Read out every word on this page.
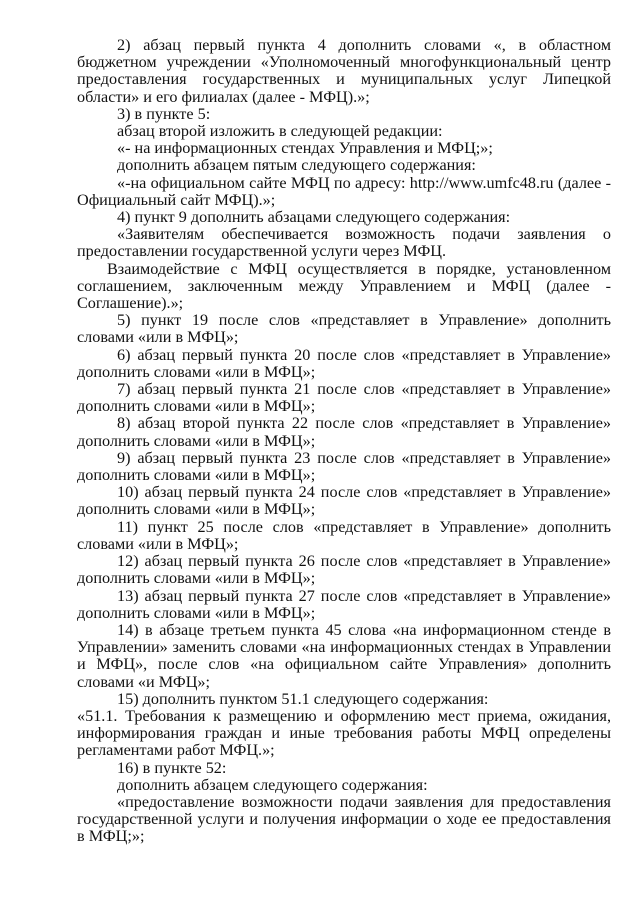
2) абзац первый пункта 4 дополнить словами «, в областном бюджетном учреждении «Уполномоченный многофункциональный центр предоставления государственных и муниципальных услуг Липецкой области» и его филиалах (далее - МФЦ).»;

3) в пункте 5:

абзац второй изложить в следующей редакции:

«- на информационных стендах Управления и МФЦ;»;

дополнить абзацем пятым следующего содержания:

«-на официальном сайте МФЦ по адресу: http://www.umfc48.ru (далее - Официальный сайт МФЦ).»;

4) пункт 9 дополнить абзацами следующего содержания:

«Заявителям обеспечивается возможность подачи заявления о предоставлении государственной услуги через МФЦ.

Взаимодействие с МФЦ осуществляется в порядке, установленном соглашением, заключенным между Управлением и МФЦ (далее - Соглашение).»;

5) пункт 19 после слов «представляет в Управление» дополнить словами «или в МФЦ»;

6) абзац первый пункта 20 после слов «представляет в Управление» дополнить словами «или в МФЦ»;

7) абзац первый пункта 21 после слов «представляет в Управление» дополнить словами «или в МФЦ»;

8) абзац второй пункта 22 после слов «представляет в Управление» дополнить словами «или в МФЦ»;

9) абзац первый пункта 23 после слов «представляет в Управление» дополнить словами «или в МФЦ»;

10) абзац первый пункта 24 после слов «представляет в Управление» дополнить словами «или в МФЦ»;

11) пункт 25 после слов «представляет в Управление» дополнить словами «или в МФЦ»;

12) абзац первый пункта 26 после слов «представляет в Управление» дополнить словами «или в МФЦ»;

13) абзац первый пункта 27 после слов «представляет в Управление» дополнить словами «или в МФЦ»;

14) в абзаце третьем пункта 45 слова «на информационном стенде в Управлении» заменить словами «на информационных стендах в Управлении и МФЦ», после слов «на официальном сайте Управления» дополнить словами «и МФЦ»;

15) дополнить пунктом 51.1 следующего содержания:

«51.1. Требования к размещению и оформлению мест приема, ожидания, информирования граждан и иные требования работы МФЦ определены регламентами работ МФЦ.»;

16) в пункте 52:

дополнить абзацем следующего содержания:

«предоставление возможности подачи заявления для предоставления государственной услуги и получения информации о ходе ее предоставления в МФЦ;»;
